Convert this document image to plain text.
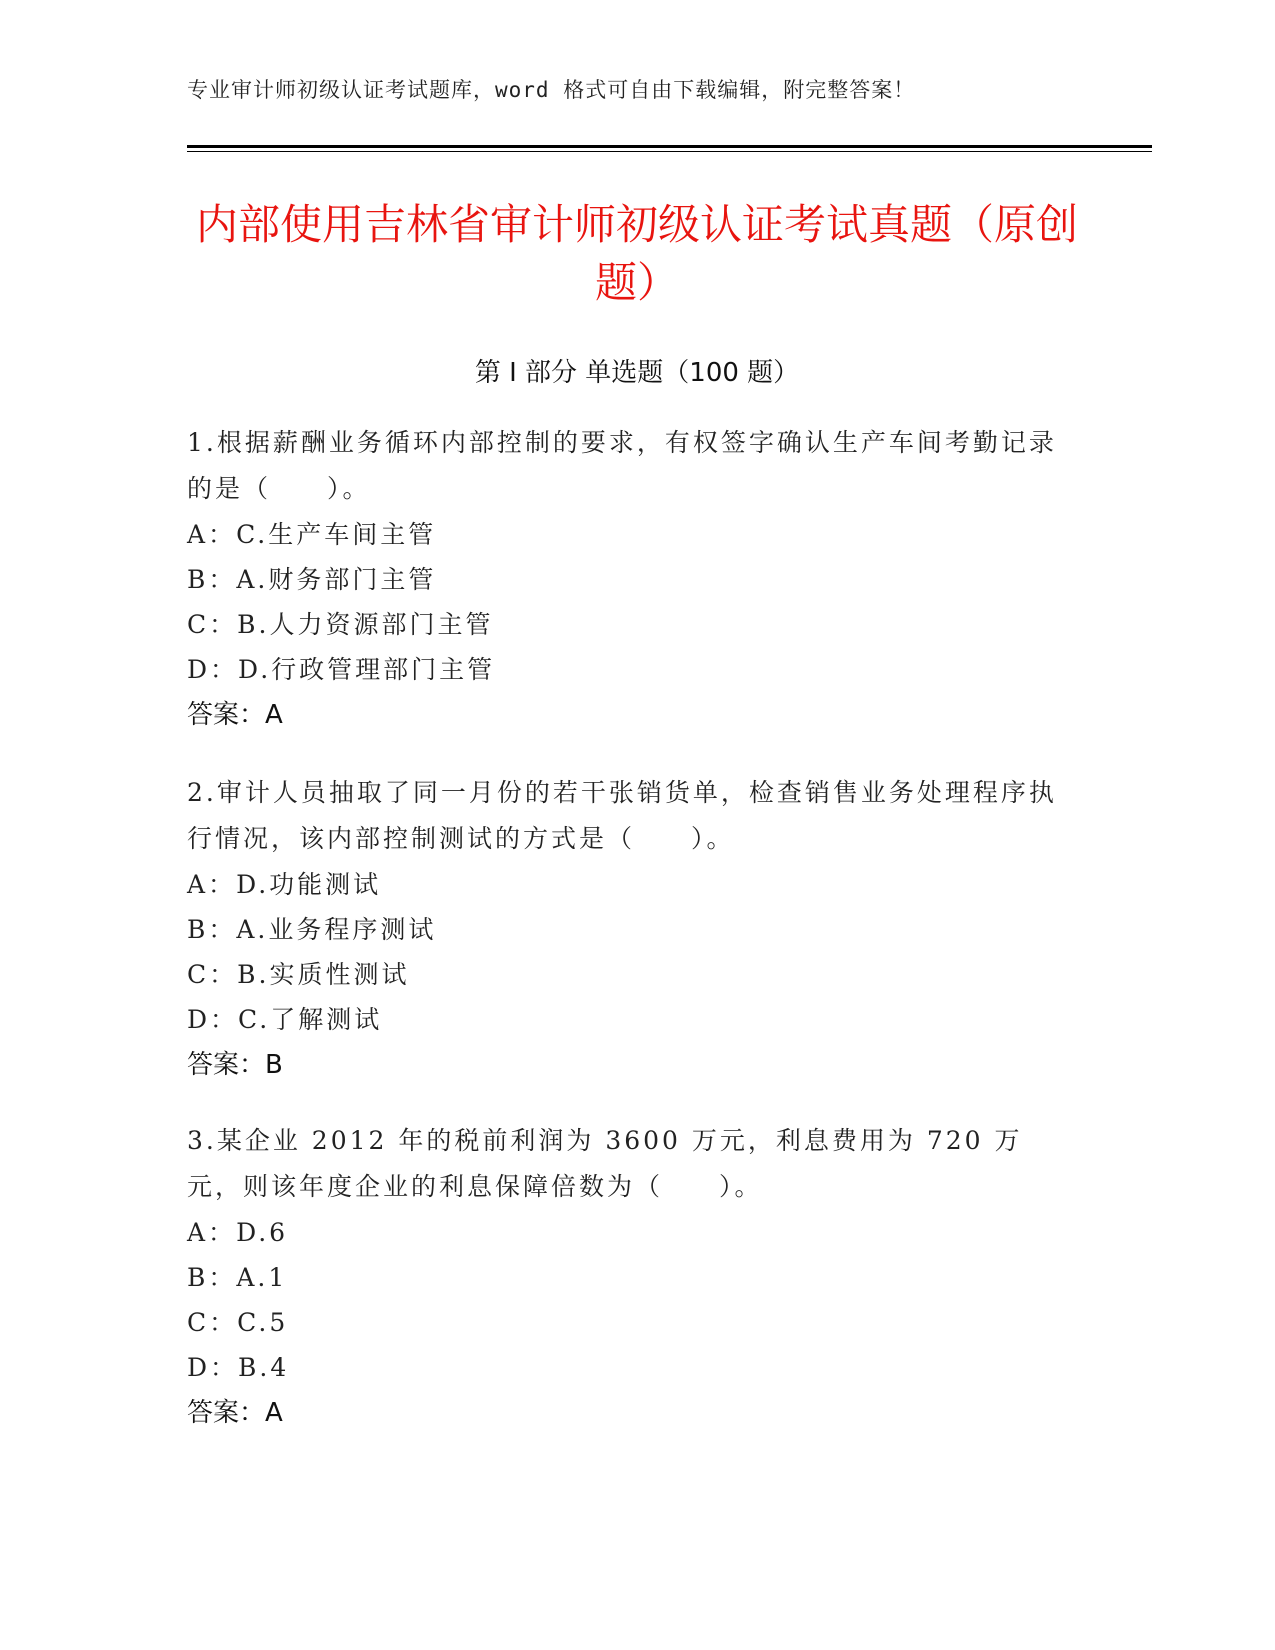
专业审计师初级认证考试题库，word 格式可自由下载编辑，附完整答案！
内部使用吉林省审计师初级认证考试真题（原创题）
第 I 部分 单选题（100 题）
1.根据薪酬业务循环内部控制的要求，有权签字确认生产车间考勤记录的是（　　）。
A：C.生产车间主管
B：A.财务部门主管
C：B.人力资源部门主管
D：D.行政管理部门主管
答案：A
2.审计人员抽取了同一月份的若干张销货单，检查销售业务处理程序执行情况，该内部控制测试的方式是（　　）。
A：D.功能测试
B：A.业务程序测试
C：B.实质性测试
D：C.了解测试
答案：B
3.某企业 2012 年的税前利润为 3600 万元，利息费用为 720 万元，则该年度企业的利息保障倍数为（　　）。
A：D.6
B：A.1
C：C.5
D：B.4
答案：A
